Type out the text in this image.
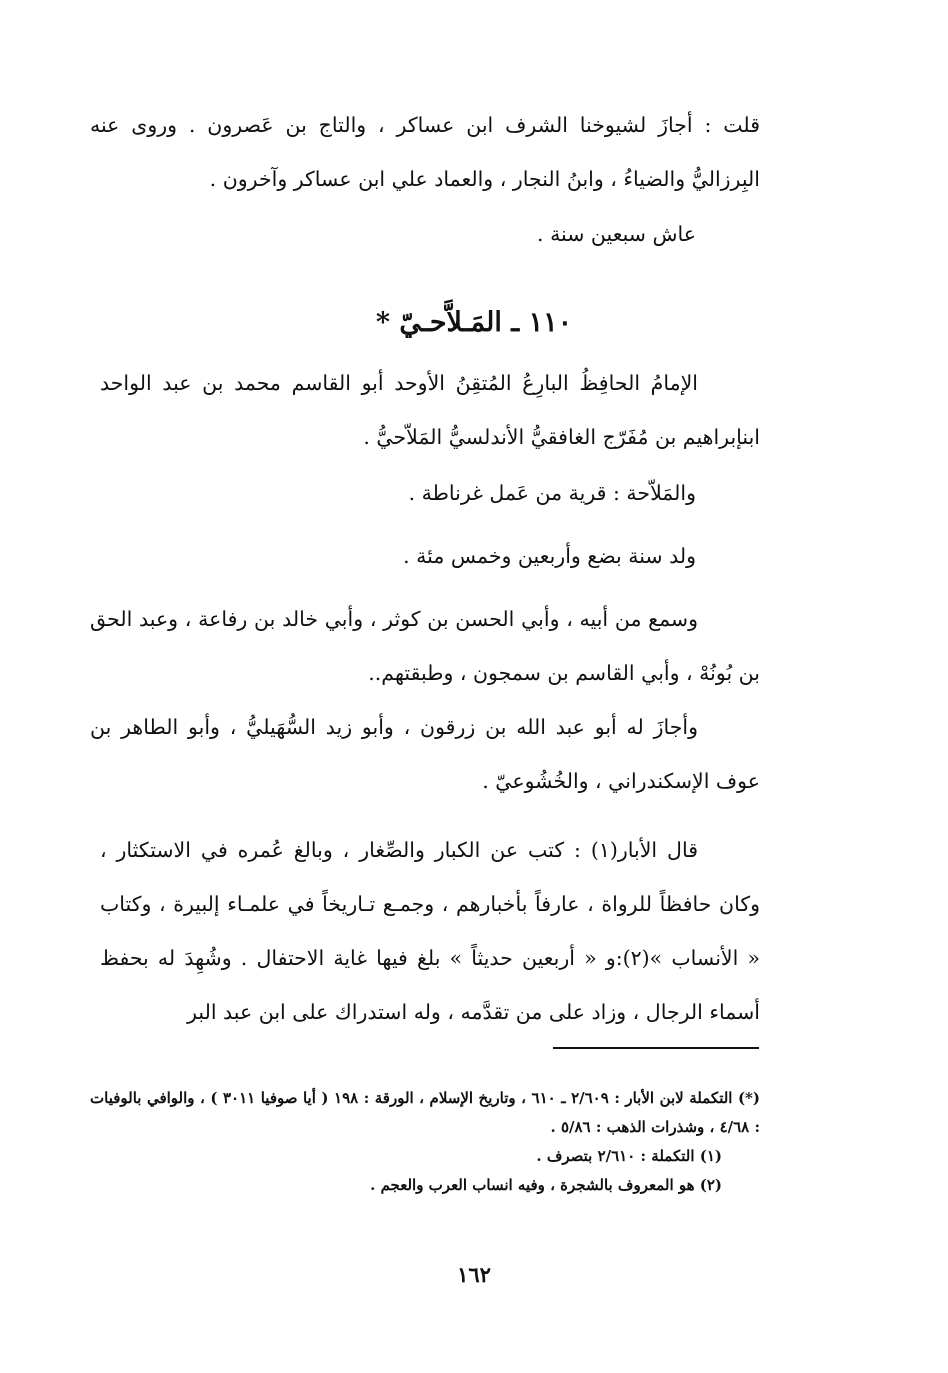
قلت : أجازَ لشيوخنا الشرف ابن عساكر ، والتاج بن عَصرون . وروى عنه البِرزاليُّ والضياءُ ، وابنُ النجار ، والعماد علي ابن عساكر وآخرون .

عاش سبعين سنة .
١١٠ ـ المَـلاَّحـيّ *

الإمامُ الحافِظُ البارِعُ المُتقِنُ الأوحد أبو القاسم محمد بن عبد الواحد ابنإبراهيم بن مُفَرّج الغافقيُّ الأندلسيُّ المَلاّحيُّ .

والمَلاّحة : قرية من عَمل غرناطة .
ولد سنة بضع وأربعين وخمس مئة .

وسمع من أبيه ، وأبي الحسن بن كوثر ، وأبي خالد بن رفاعة ، وعبد الحق بن بُونُهْ ، وأبي القاسم بن سمجون ، وطبقتهم..

وأجازَ له أبو عبد الله بن زرقون ، وأبو زيد السُّهَيليُّ ، وأبو الطاهر بن عوف الإسكندراني ، والخُشُوعيّ .

قال الأبار(١) : كتب عن الكبار والصِّغار ، وبالغ عُمره في الاستكثار ، وكان حافظاً للرواة ، عارفاً بأخبارهم ، وجمـع تـاريخاً في علمـاء إلبيرة ، وكتاب « الأنساب »(٢):و « أربعين حديثاً » بلغ فيها غاية الاحتفال . وشُهِدَ له بحفظ أسماء الرجال ، وزاد على من تقدَّمه ، وله استدراك على ابن عبد البر

(*) التكملة لابن الأبار : ٢/٦٠٩ ـ ٦١٠ ، وتاريخ الإسلام ، الورقة : ١٩٨ ( أيا صوفيا ٣٠١١ ) ، والوافي بالوفيات : ٤/٦٨ ، وشذرات الذهب : ٥/٨٦ .

(١) التكملة : ٢/٦١٠ بتصرف .

(٢) هو المعروف بالشجرة ، وفيه انساب العرب والعجم .

١٦٢
